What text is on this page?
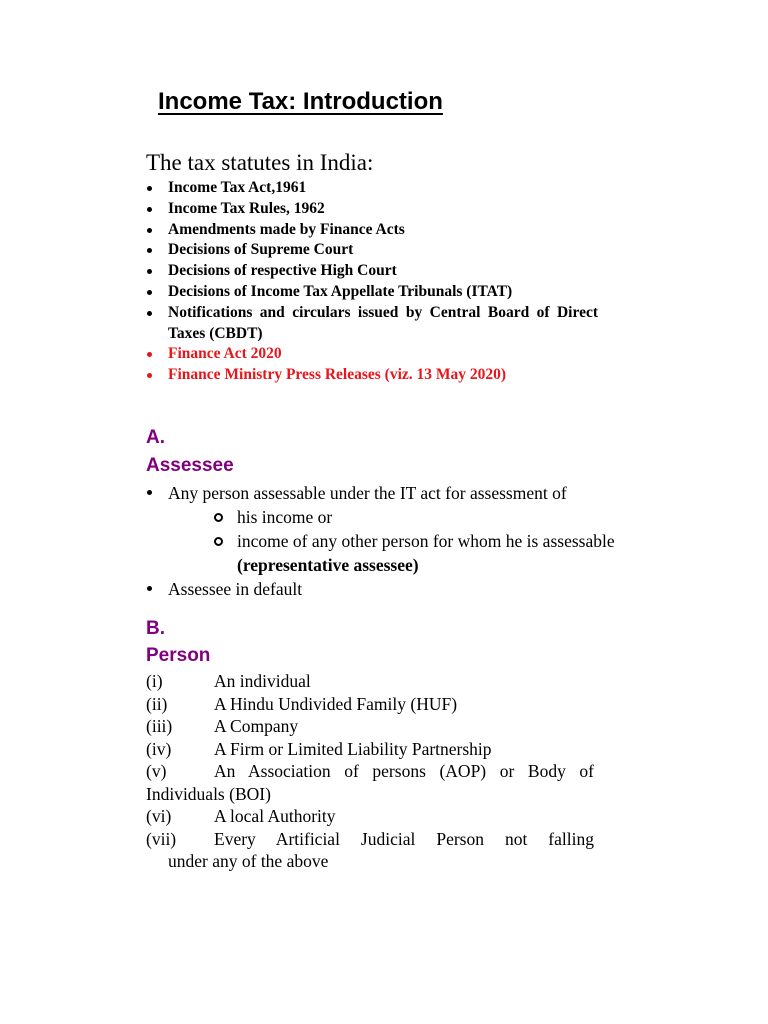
Income Tax: Introduction

The tax statutes in India:

Income Tax Act,1961
Income Tax Rules, 1962
Amendments made by Finance Acts
Decisions of Supreme Court
Decisions of respective High Court
Decisions of Income Tax Appellate Tribunals (ITAT)
Notifications and circulars issued by Central Board of Direct Taxes (CBDT)
Finance Act 2020
Finance Ministry Press Releases (viz. 13 May 2020)

A.

Assessee

Any person assessable under the IT act for assessment of
his income or
income of any other person for whom he is assessable
(representative assessee)
Assessee in default

B.

Person

(i)	An individual
(ii)	A Hindu Undivided Family (HUF)
(iii) A Company
(iv) A Firm or Limited Liability Partnership
(v)	An Association of persons (AOP) or Body of
Individuals (BOI)
(vi) A local Authority
(vii) Every Artificial Judicial Person not falling
under any of the above
